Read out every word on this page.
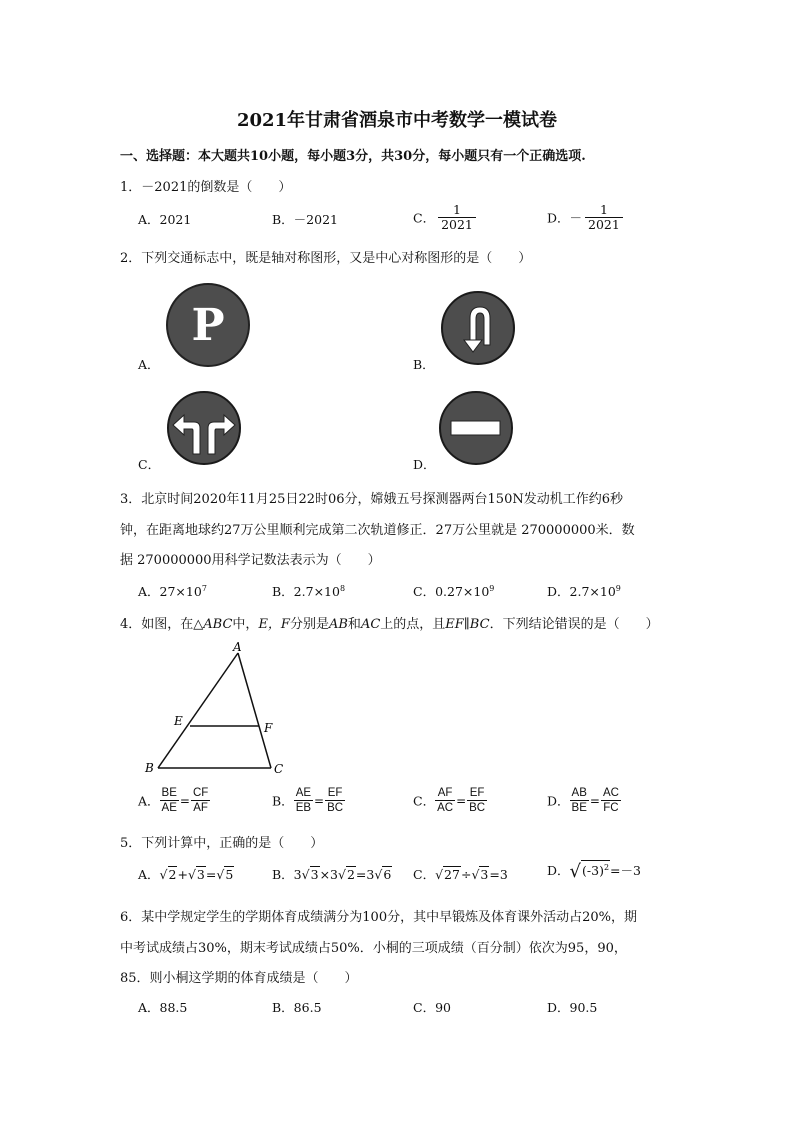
2021年甘肃省酒泉市中考数学一模试卷
一、选择题：本大题共10小题，每小题3分，共30分，每小题只有一个正确选项.
1．－2021的倒数是（　　）
A．2021	B．－2021	C． $\frac{1}{2021}$	D．－ $\frac{1}{2021}$
2．下列交通标志中，既是轴对称图形，又是中心对称图形的是（　　）
P
A．	B．
C．	D．
3．北京时间2020年11月25日22时06分，嫦娥五号探测器两台150N发动机工作约6秒
钟，在距离地球约27万公里顺利完成第二次轨道修正．27万公里就是 270000000米．数
据 270000000用科学记数法表示为（　　）
A．$27\times 10^7$	B．$2.7\times 10^8$	C．$0.27\times 10^9$	D．$2.7\times 10^9$
4．如图，在△ABC中，E，F分别是AB和AC上的点，且EF∥BC．下列结论错误的是（　　）
A
B	C
E	F
A． $\frac{BE}{AE} = \frac{CF}{AF}$	B． $\frac{AE}{EB} = \frac{EF}{BC}$	C． $\frac{AF}{AC} = \frac{EF}{BC}$	D． $\frac{AB}{BE} = \frac{AC}{FC}$
5．下列计算中，正确的是（　　）
A．√2+√3=√5	B．3√3×3√2=3√6 C．√27÷√3=3	D．$√(-3)^2=-3$
6．某中学规定学生的学期体育成绩满分为100分，其中早锻炼及体育课外活动占20%，期
中考试成绩占30%，期末考试成绩占50%．小桐的三项成绩（百分制）依次为95，90，
85．则小桐这学期的体育成绩是（　　）
A．88.5	B．86.5	C．90	D．90.5
